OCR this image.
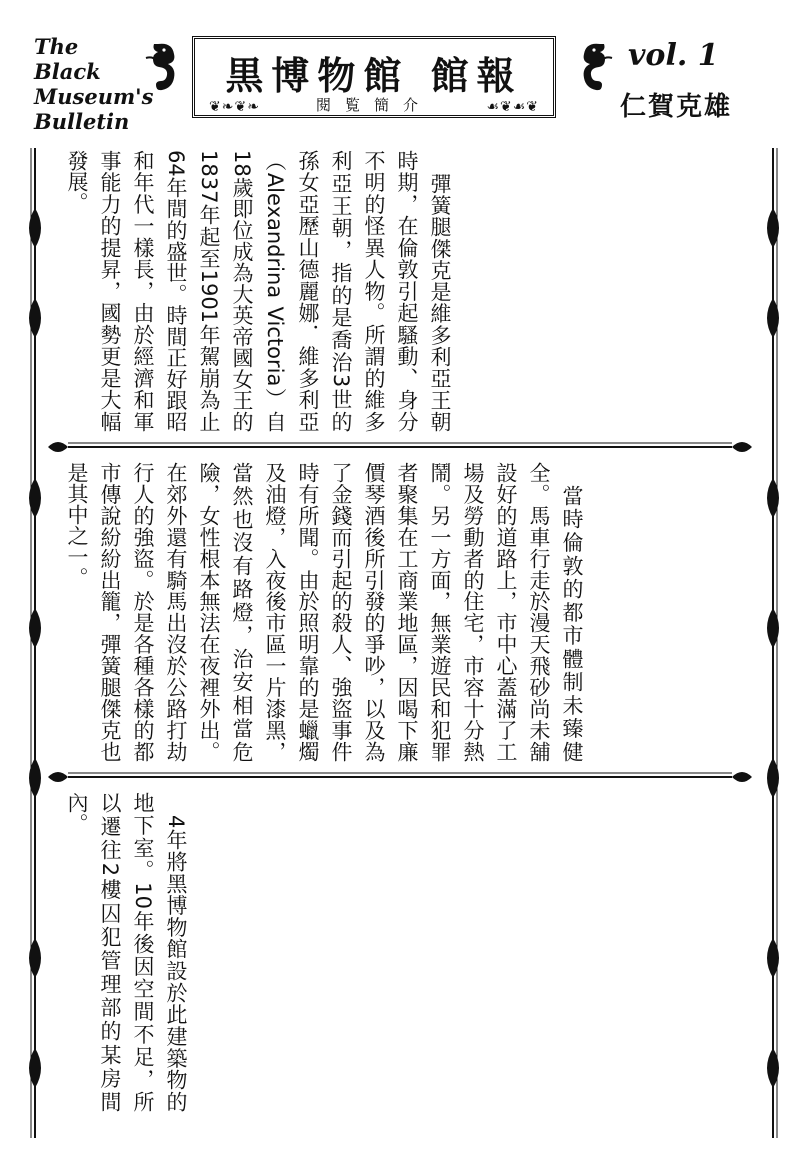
The
Black
Museum's
Bulletin
黒博物館 館報
❦❧❦❧	閱覧簡介	☙❦☙❦
vol. 1
仁賀克雄

彈簧腿傑克是維多利亞王朝時期，在倫敦引起騷動、身分不明的怪異人物。所謂的維多利亞王朝，指的是喬治3世的孫女亞歷山德麗娜．維多利亞（Alexandrina Victoria）自18歲即位成為大英帝國女王的1837年起至1901年駕崩為止64年間的盛世。時間正好跟昭和年代一樣長，由於經濟和軍事能力的提昇，國勢更是大幅發展。

當時倫敦的都市體制未臻健全。馬車行走於漫天飛砂尚未舖設好的道路上，市中心蓋滿了工場及勞動者的住宅，市容十分熱鬧。另一方面，無業遊民和犯罪者聚集在工商業地區，因喝下廉價琴酒後所引發的爭吵，以及為了金錢而引起的殺人、強盜事件時有所聞。由於照明靠的是蠟燭及油燈，入夜後市區一片漆黑，當然也沒有路燈，治安相當危險，女性根本無法在夜裡外出。在郊外還有騎馬出沒於公路打劫行人的強盜。於是各種各樣的都市傳說紛紛出籠，彈簧腿傑克也是其中之一。

4年將黑博物館設於此建築物的地下室。10年後因空間不足，所以遷往2樓囚犯管理部的某房間內。
